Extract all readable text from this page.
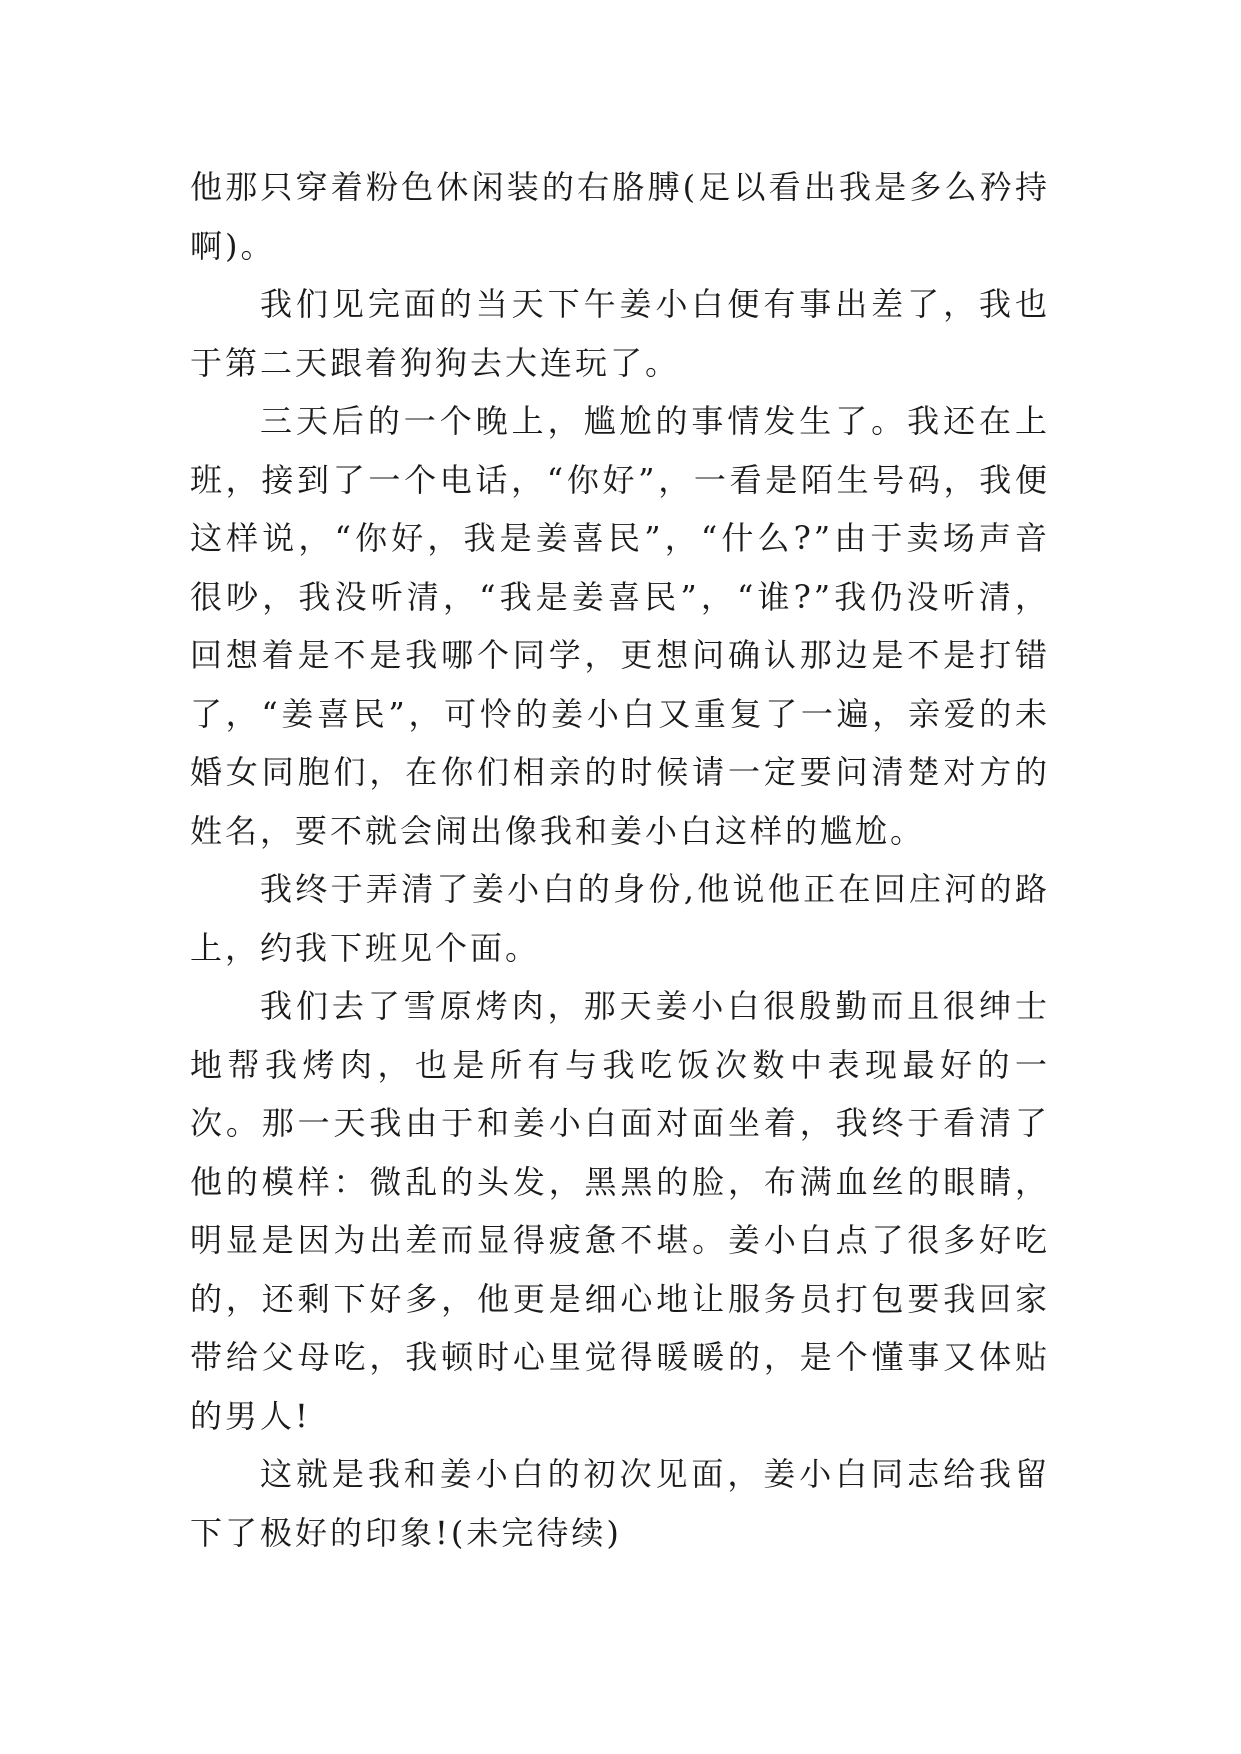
他那只穿着粉色休闲装的右胳膊(足以看出我是多么矜持啊)。

我们见完面的当天下午姜小白便有事出差了，我也于第二天跟着狗狗去大连玩了。

三天后的一个晚上，尴尬的事情发生了。我还在上班，接到了一个电话，“你好”，一看是陌生号码，我便这样说，“你好，我是姜喜民”，“什么?”由于卖场声音很吵，我没听清，“我是姜喜民”，“谁?”我仍没听清，回想着是不是我哪个同学，更想问确认那边是不是打错了，“姜喜民”，可怜的姜小白又重复了一遍，亲爱的未婚女同胞们，在你们相亲的时候请一定要问清楚对方的姓名，要不就会闹出像我和姜小白这样的尴尬。

我终于弄清了姜小白的身份,他说他正在回庄河的路上，约我下班见个面。

我们去了雪原烤肉，那天姜小白很殷勤而且很绅士地帮我烤肉，也是所有与我吃饭次数中表现最好的一次。那一天我由于和姜小白面对面坐着，我终于看清了他的模样：微乱的头发，黑黑的脸，布满血丝的眼睛，明显是因为出差而显得疲惫不堪。姜小白点了很多好吃的，还剩下好多，他更是细心地让服务员打包要我回家带给父母吃，我顿时心里觉得暖暖的，是个懂事又体贴的男人!

这就是我和姜小白的初次见面，姜小白同志给我留下了极好的印象!(未完待续)
